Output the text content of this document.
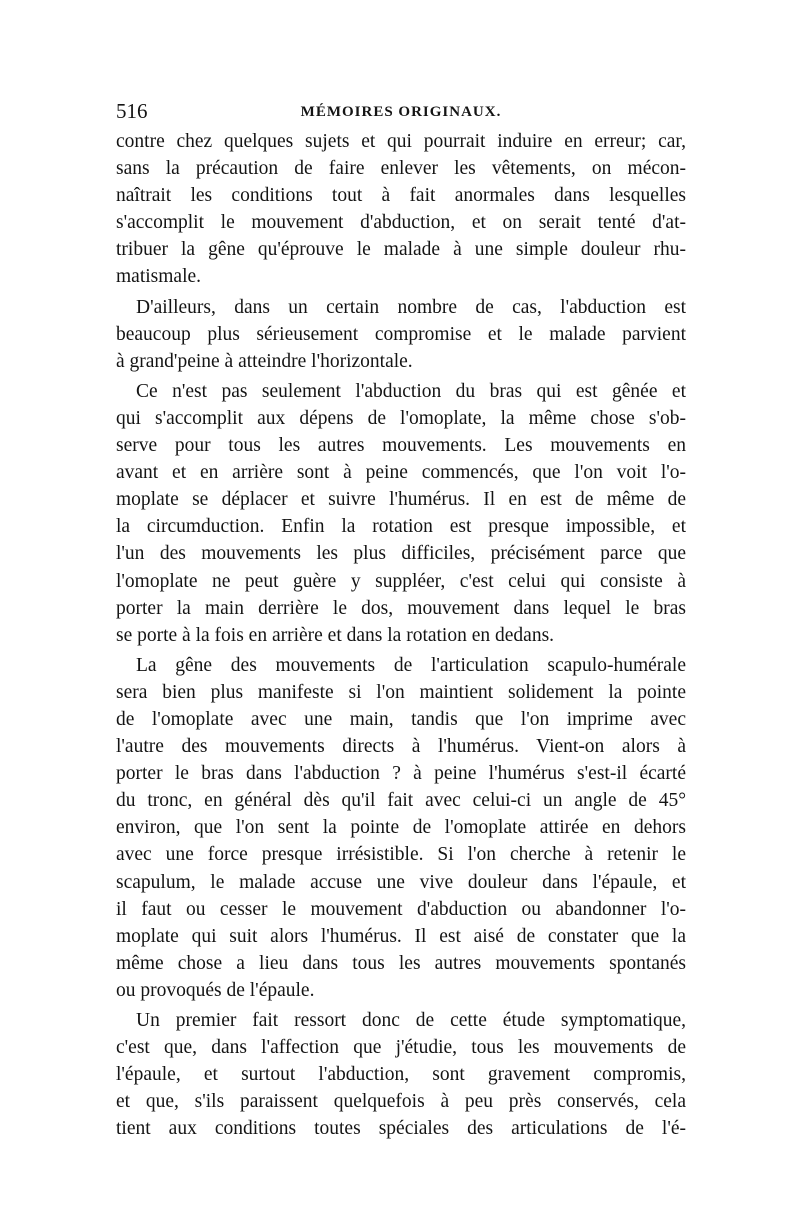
516	MÉMOIRES ORIGINAUX.
contre chez quelques sujets et qui pourrait induire en erreur; car,
sans la précaution de faire enlever les vêtements, on mécon-
naîtrait les conditions tout à fait anormales dans lesquelles
s'accomplit le mouvement d'abduction, et on serait tenté d'at-
tribuer la gêne qu'éprouve le malade à une simple douleur rhu-
matismale.
D'ailleurs, dans un certain nombre de cas, l'abduction est
beaucoup plus sérieusement compromise et le malade parvient
à grand'peine à atteindre l'horizontale.
Ce n'est pas seulement l'abduction du bras qui est gênée et
qui s'accomplit aux dépens de l'omoplate, la même chose s'ob-
serve pour tous les autres mouvements. Les mouvements en
avant et en arrière sont à peine commencés, que l'on voit l'o-
moplate se déplacer et suivre l'humérus. Il en est de même de
la circumduction. Enfin la rotation est presque impossible, et
l'un des mouvements les plus difficiles, précisément parce que
l'omoplate ne peut guère y suppléer, c'est celui qui consiste à
porter la main derrière le dos, mouvement dans lequel le bras
se porte à la fois en arrière et dans la rotation en dedans.
La gêne des mouvements de l'articulation scapulo-humérale
sera bien plus manifeste si l'on maintient solidement la pointe
de l'omoplate avec une main, tandis que l'on imprime avec
l'autre des mouvements directs à l'humérus. Vient-on alors à
porter le bras dans l'abduction ? à peine l'humérus s'est-il écarté
du tronc, en général dès qu'il fait avec celui-ci un angle de 45°
environ, que l'on sent la pointe de l'omoplate attirée en dehors
avec une force presque irrésistible. Si l'on cherche à retenir le
scapulum, le malade accuse une vive douleur dans l'épaule, et
il faut ou cesser le mouvement d'abduction ou abandonner l'o-
moplate qui suit alors l'humérus. Il est aisé de constater que la
même chose a lieu dans tous les autres mouvements spontanés
ou provoqués de l'épaule.
Un premier fait ressort donc de cette étude symptomatique,
c'est que, dans l'affection que j'étudie, tous les mouvements de
l'épaule, et surtout l'abduction, sont gravement compromis,
et que, s'ils paraissent quelquefois à peu près conservés, cela
tient aux conditions toutes spéciales des articulations de l'é-
